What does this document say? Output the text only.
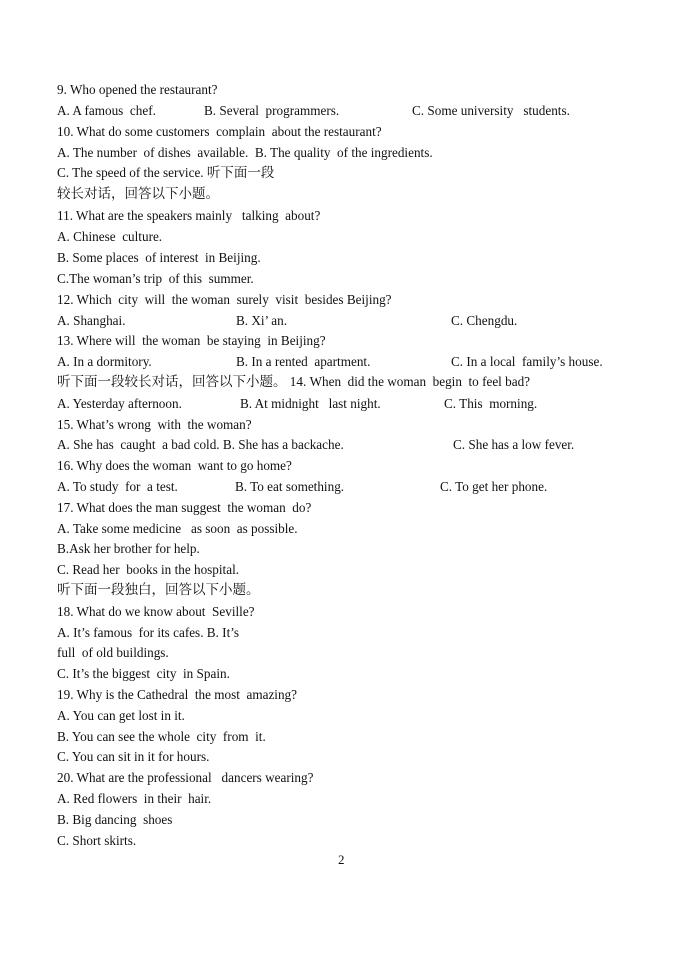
9. Who opened the restaurant?
A. A famous  chef.	B. Several  programmers.	C. Some university   students.
10. What do some customers  complain  about the restaurant?
A. The number  of dishes  available.  B. The quality  of the ingredients.
C. The speed of the service. 听下面一段
较长对话，回答以下小题。
11. What are the speakers mainly   talking  about?
A. Chinese  culture.
B. Some places  of interest  in Beijing.
C.The woman’s trip  of this  summer.
12. Which  city  will  the woman  surely  visit  besides Beijing?
A. Shanghai.	B. Xi’ an.	C. Chengdu.
13. Where will  the woman  be staying  in Beijing?
A. In a dormitory.	B. In a rented  apartment.	C. In a local  family’s house.
听下面一段较长对话，回答以下小题。 14. When  did the woman  begin  to feel bad?
A. Yesterday afternoon.	B. At midnight   last night.	C. This  morning.
15. What’s wrong  with  the woman?
A. She has  caught  a bad cold. B. She has a backache.	C. She has a low fever.
16. Why does the woman  want to go home?
A. To study  for  a test.	B. To eat something.	C. To get her phone.
17. What does the man suggest  the woman  do?
A. Take some medicine   as soon  as possible.
B.Ask her brother for help.
C. Read her  books in the hospital.
听下面一段独白，回答以下小题。
18. What do we know about  Seville?
A. It’s famous  for its cafes. B. It’s
full  of old buildings.
C. It’s the biggest  city  in Spain.
19. Why is the Cathedral  the most  amazing?
A. You can get lost in it.
B. You can see the whole  city  from  it.
C. You can sit in it for hours.
20. What are the professional   dancers wearing?
A. Red flowers  in their  hair.
B. Big dancing  shoes
C. Short skirts.
2
